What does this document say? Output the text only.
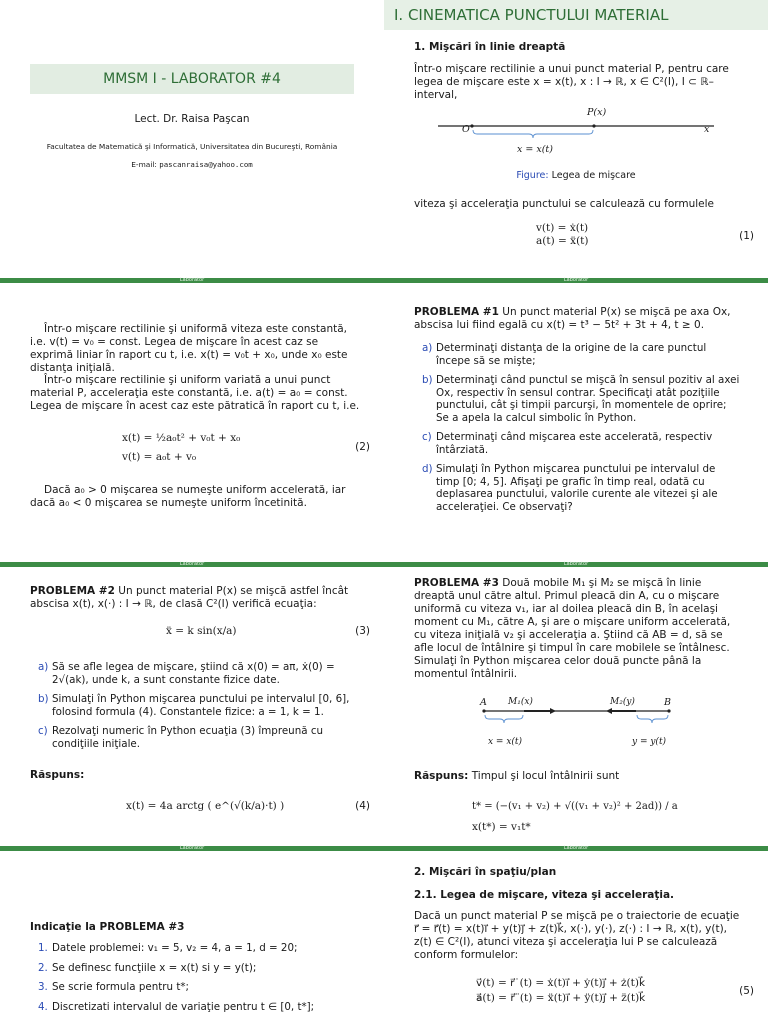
MMSM I - LABORATOR #4
Lect. Dr. Raisa Paşcan
Facultatea de Matematică şi Informatică, Universitatea din Bucureşti, România
E-mail: pascanraisa@yahoo.com
Laborator
I. CINEMATICA PUNCTULUI MATERIAL
1. Mişcări în linie dreaptă
Într-o mişcare rectilinie a unui punct material P, pentru care legea de mişcare este x = x(t), x : I → ℝ, x ∈ C²(I), I ⊂ ℝ– interval,
P(x)
O	x
x = x(t)
Figure: Legea de mişcare
viteza şi acceleraţia punctului se calculează cu formulele
v(t) = ẋ(t)
a(t) = ẍ(t)	(1)
Laborator
Într-o mişcare rectilinie şi uniformă viteza este constantă, i.e. v(t) = v₀ = const. Legea de mişcare în acest caz se exprimă liniar în raport cu t, i.e. x(t) = v₀t + x₀, unde x₀ este distanţa iniţială.
Într-o mişcare rectilinie şi uniform variată a unui punct material P, acceleraţia este constantă, i.e. a(t) = a₀ = const. Legea de mişcare în acest caz este pătratică în raport cu t, i.e.
x(t) = ½a₀t² + v₀t + x₀
v(t) = a₀t + v₀
(2)
Dacă a₀ > 0 mişcarea se numeşte uniform accelerată, iar dacă a₀ < 0 mişcarea se numeşte uniform încetinită.
Laborator
PROBLEMA #1 Un punct material P(x) se mişcă pe axa Ox, abscisa lui fiind egală cu x(t) = t³ − 5t² + 3t + 4, t ≥ 0.
a) Determinaţi distanţa de la origine de la care punctul începe să se mişte;
b) Determinaţi când punctul se mişcă în sensul pozitiv al axei Ox, respectiv în sensul contrar. Specificaţi atât poziţiile punctului, cât şi timpii parcurşi, în momentele de oprire; Se a apela la calcul simbolic în Python.
c) Determinaţi când mişcarea este accelerată, respectiv întârziată.
d) Simulaţi în Python mişcarea punctului pe intervalul de timp [0; 4, 5]. Afişaţi pe grafic în timp real, odată cu deplasarea punctului, valorile curente ale vitezei şi ale acceleraţiei. Ce observaţi?
Laborator
PROBLEMA #2 Un punct material P(x) se mişcă astfel încât abscisa x(t), x(·) : I → ℝ, de clasă C²(I) verifică ecuaţia:
ẍ = k sin(x/a)	(3)
a) Să se afle legea de mişcare, ştiind că x(0) = aπ, ẋ(0) = 2√(ak), unde k, a sunt constante fizice date.
b) Simulaţi în Python mişcarea punctului pe intervalul [0, 6], folosind formula (4). Constantele fizice: a = 1, k = 1.
c) Rezolvaţi numeric în Python ecuaţia (3) împreună cu condiţiile iniţiale.
Răspuns:
x(t) = 4a arctg ( e^(√(k/a)·t) )	(4)
Laborator
PROBLEMA #3 Două mobile M₁ şi M₂ se mişcă în linie dreaptă unul către altul. Primul pleacă din A, cu o mişcare uniformă cu viteza v₁, iar al doilea pleacă din B, în acelaşi moment cu M₁, către A, şi are o mişcare uniform accelerată, cu viteza iniţială v₂ şi acceleraţia a. Ştiind că AB = d, să se afle locul de întâlnire şi timpul în care mobilele se întâlnesc. Simulaţi în Python mişcarea celor două puncte până la momentul întâlnirii.
A	B
M₁(x)	M₂(y)
x = x(t)	y = y(t)
Răspuns: Timpul şi locul întâlnirii sunt
t* = (−(v₁ + v₂) + √((v₁ + v₂)² + 2ad)) / a
x(t*) = v₁t*
Laborator
Indicaţie la PROBLEMA #3
1. Datele problemei: v₁ = 5, v₂ = 4, a = 1, d = 20;
2. Se definesc funcţiile x = x(t) si y = y(t);
3. Se scrie formula pentru t*;
4. Discretizati intervalul de variaţie pentru t ∈ [0, t*];
2. Mişcări în spaţiu/plan
2.1. Legea de mişcare, viteza şi acceleraţia.
Dacă un punct material P se mişcă pe o traiectorie de ecuaţie r⃗ = r⃗(t) = x(t)i⃗ + y(t)j⃗ + z(t)k⃗, x(·), y(·), z(·) : I → ℝ, x(t), y(t), z(t) ∈ C²(I), atunci viteza şi acceleraţia lui P se calculează conform formulelor:
v⃗(t) = r⃗˙(t) = ẋ(t)i⃗ + ẏ(t)j⃗ + ż(t)k⃗
a⃗(t) = r⃗¨(t) = ẍ(t)i⃗ + ÿ(t)j⃗ + z̈(t)k⃗
(5)
